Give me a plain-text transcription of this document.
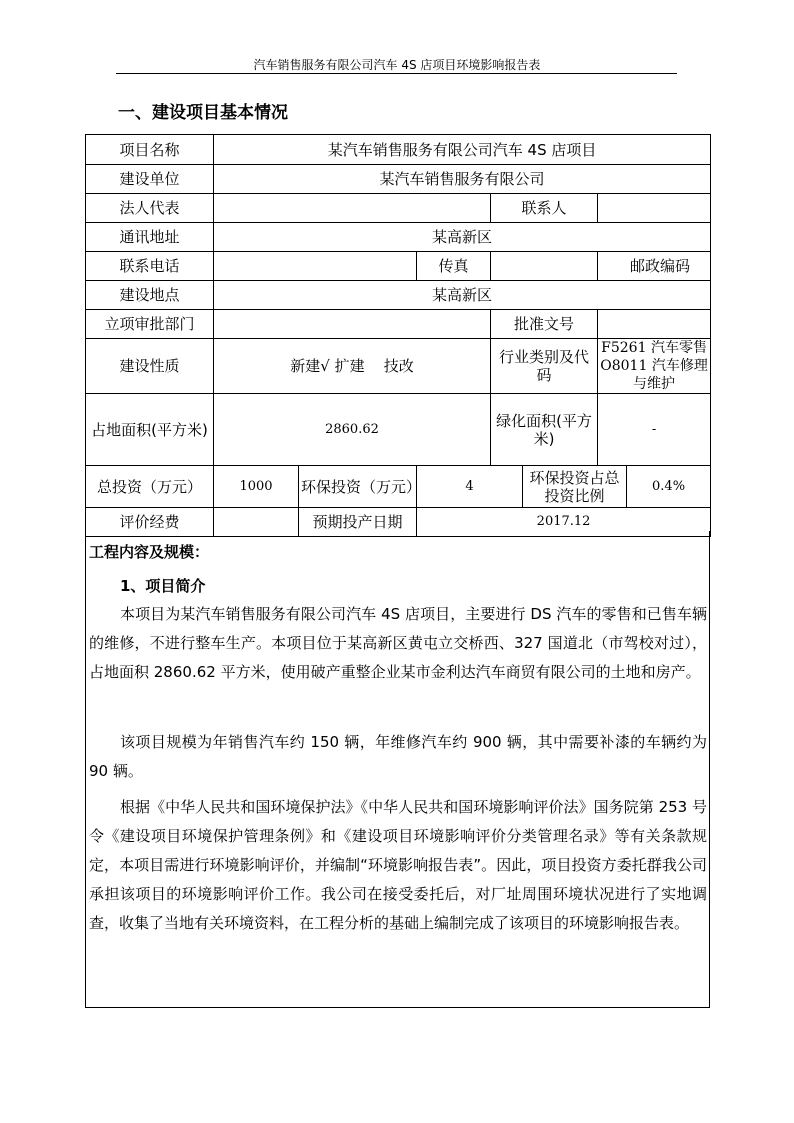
汽车销售服务有限公司汽车 4S 店项目环境影响报告表
一、建设项目基本情况
项目名称	某汽车销售服务有限公司汽车 4S 店项目						
建设单位	某汽车销售服务有限公司						
法人代表				联系人			
通讯地址	某高新区						
联系电话			传真			邮政编码	
建设地点	某高新区						
立项审批部门				批准文号			
建设性质	新建√ 扩建    技改			行业类别及代码		F5261 汽车零售 O8011 汽车修理与维护	
占地面积(平方米)	2860.62			绿化面积(平方米)		-	
总投资（万元）	1000	环保投资（万元）	4		环保投资占总投资比例		0.4%
评价经费		预期投产日期	2017.12				
工程内容及规模：
1、项目简介

本项目为某汽车销售服务有限公司汽车 4S 店项目，主要进行 DS 汽车的零售和已售车辆的维修，不进行整车生产。本项目位于某高新区黄屯立交桥西、327 国道北（市驾校对过），占地面积 2860.62 平方米，使用破产重整企业某市金利达汽车商贸有限公司的土地和房产。

该项目规模为年销售汽车约 150 辆，年维修汽车约 900 辆，其中需要补漆的车辆约为 90 辆。

根据《中华人民共和国环境保护法》《中华人民共和国环境影响评价法》国务院第 253 号令《建设项目环境保护管理条例》和《建设项目环境影响评价分类管理名录》等有关条款规定，本项目需进行环境影响评价，并编制“环境影响报告表”。因此，项目投资方委托群我公司承担该项目的环境影响评价工作。我公司在接受委托后，对厂址周围环境状况进行了实地调查，收集了当地有关环境资料，在工程分析的基础上编制完成了该项目的环境影响报告表。
